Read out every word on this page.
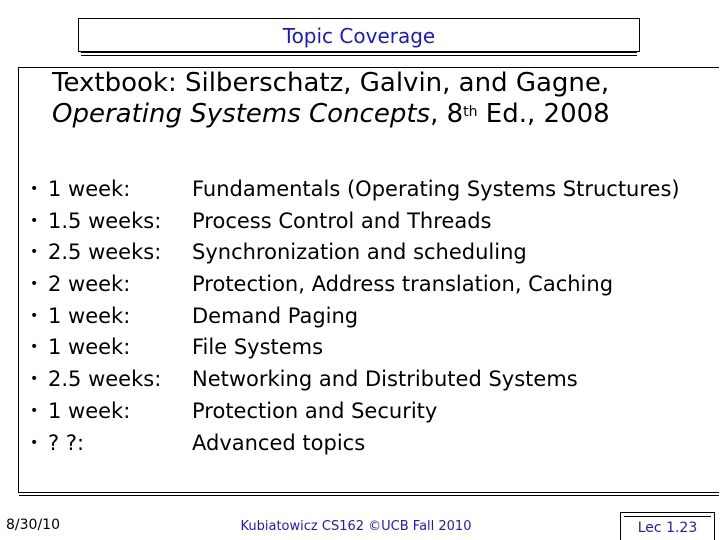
Topic Coverage
Textbook: Silberschatz, Galvin, and Gagne,
Operating Systems Concepts, 8th Ed., 2008
• 1 week:	Fundamentals (Operating Systems Structures)
• 1.5 weeks: Process Control and Threads
• 2.5 weeks: Synchronization and scheduling
• 2 week:	Protection, Address translation, Caching
• 1 week:	Demand Paging
• 1 week:	File Systems
• 2.5 weeks: Networking and Distributed Systems
• 1 week:	Protection and Security
• ? ?:	Advanced topics
8/30/10	Kubiatowicz CS162 ©UCB Fall 2010	Lec 1.23
